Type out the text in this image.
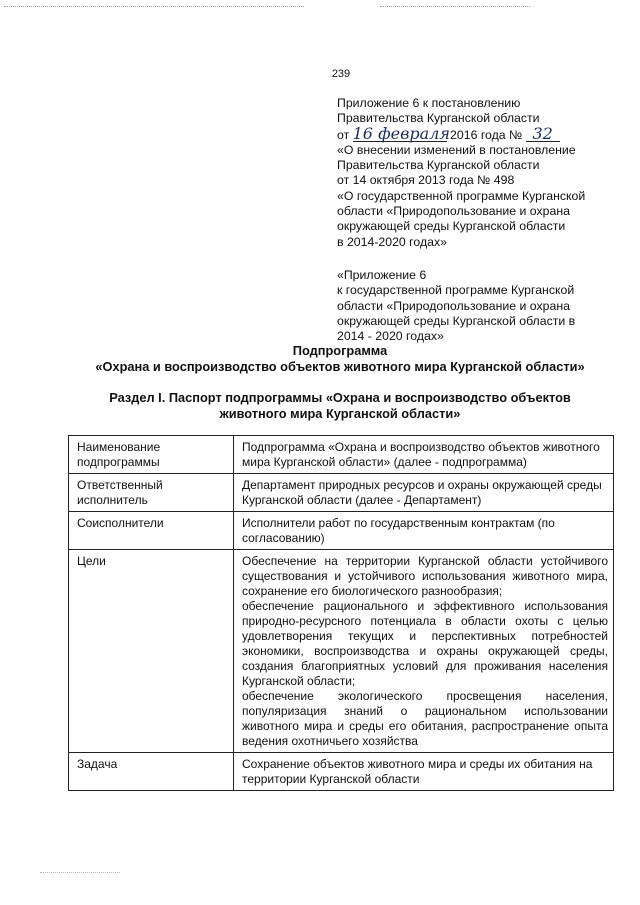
239

Приложение 6 к постановлению

Правительства Курганской области

от 16 февраля 2016 года № 32

«О внесении изменений в постановление

Правительства Курганской области

от 14 октября 2013 года № 498

«О государственной программе Курганской

области «Природопользование и охрана

окружающей среды Курганской области

в 2014-2020 годах»

«Приложение 6

к государственной программе Курганской

области «Природопользование и охрана

окружающей среды Курганской области в

2014 - 2020 годах»

Подпрограмма

«Охрана и воспроизводство объектов животного мира Курганской области»

Раздел I. Паспорт подпрограммы «Охрана и воспроизводство объектов

животного мира Курганской области»

Наименование подпрограммы	Подпрограмма «Охрана и воспроизводство объектов животного мира Курганской области» (далее - подпрограмма)
Ответственный исполнитель	Департамент природных ресурсов и охраны окружающей среды Курганской области (далее - Департамент)
Соисполнители	Исполнители работ по государственным контрактам (по согласованию)
Цели	Обеспечение на территории Курганской области устойчивого существования и устойчивого использования животного мира, сохранение его биологического разнообразия;
обеспечение рационального и эффективного использования природно-ресурсного потенциала в области охоты с целью удовлетворения текущих и перспективных потребностей экономики, воспроизводства и охраны окружающей среды, создания благоприятных условий для проживания населения Курганской области;
обеспечение экологического просвещения населения, популяризация знаний о рациональном использовании животного мира и среды его обитания, распространение опыта ведения охотничьего хозяйства

Задача	Сохранение объектов животного мира и среды их обитания на территории Курганской области
